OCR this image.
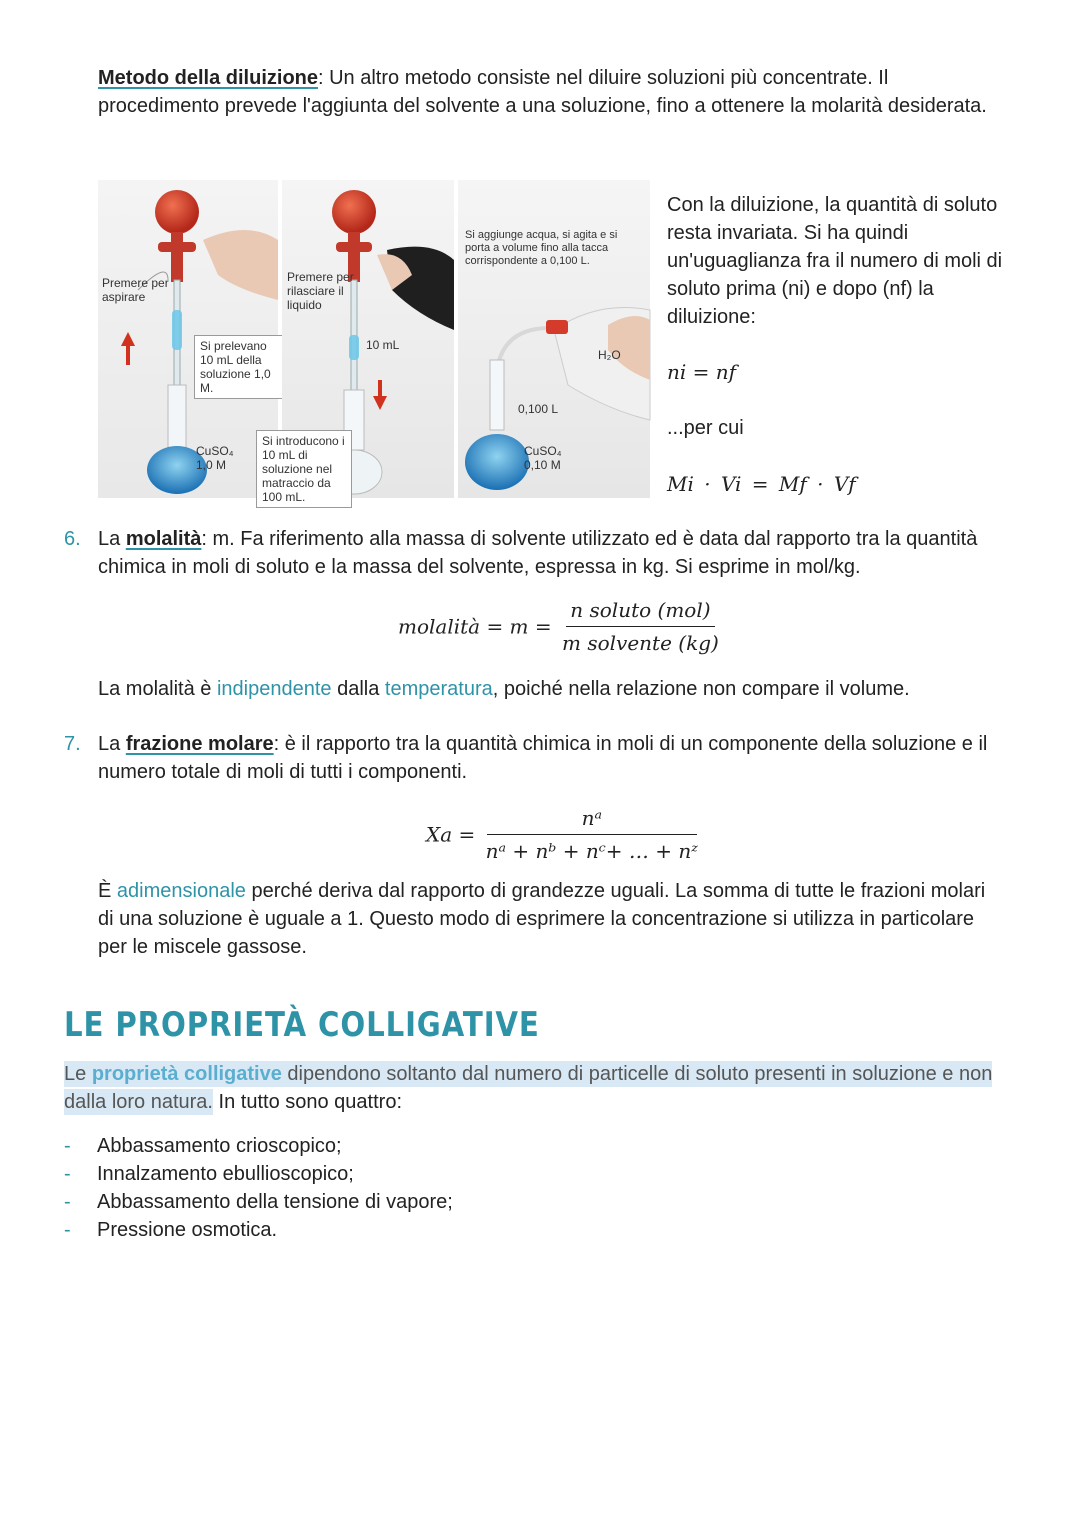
Metodo della diluizione: Un altro metodo consiste nel diluire soluzioni più concentrate. Il procedimento prevede l'aggiunta del solvente a una soluzione, fino a ottenere la molarità desiderata.
Premere per aspirare
Si prelevano 10 mL della soluzione 1,0 M.
CuSO₄ 1,0 M
Premere per rilasciare il liquido
10 mL
Si introducono i 10 mL di soluzione nel matraccio da 100 mL.
Si aggiunge acqua, si agita e si porta a volume fino alla tacca corrispondente a 0,100 L.
0,100 L
H₂O
CuSO₄ 0,10 M
Con la diluizione, la quantità di soluto resta invariata. Si ha quindi un'uguaglianza fra il numero di moli di soluto prima (ni) e dopo (nf) la diluizione:
ni = nf
...per cui
Mi · Vi = Mf · Vf
6. La molalità: m. Fa riferimento alla massa di solvente utilizzato ed è data dal rapporto tra la quantità chimica in moli di soluto e la massa del solvente, espressa in kg. Si esprime in mol/kg.
molalità = $m = \frac{\text{n soluto (mol)}}{\text{m solvente (kg)}}$
La molalità è indipendente dalla temperatura, poiché nella relazione non compare il volume.
7. La frazione molare: è il rapporto tra la quantità chimica in moli di un componente della soluzione e il numero totale di moli di tutti i componenti.
$Xa = \frac{\text{nᵃ}}{\text{nᵃ + nᵇ + nᶜ+ … + nᶻ}}$
È adimensionale perché deriva dal rapporto di grandezze uguali. La somma di tutte le frazioni molari di una soluzione è uguale a 1. Questo modo di esprimere la concentrazione si utilizza in particolare per le miscele gassose.
LE PROPRIETÀ COLLIGATIVE
Le proprietà colligative dipendono soltanto dal numero di particelle di soluto presenti in soluzione e non dalla loro natura. In tutto sono quattro:
- Abbassamento crioscopico;
- Innalzamento ebullioscopico;
- Abbassamento della tensione di vapore;
- Pressione osmotica.
